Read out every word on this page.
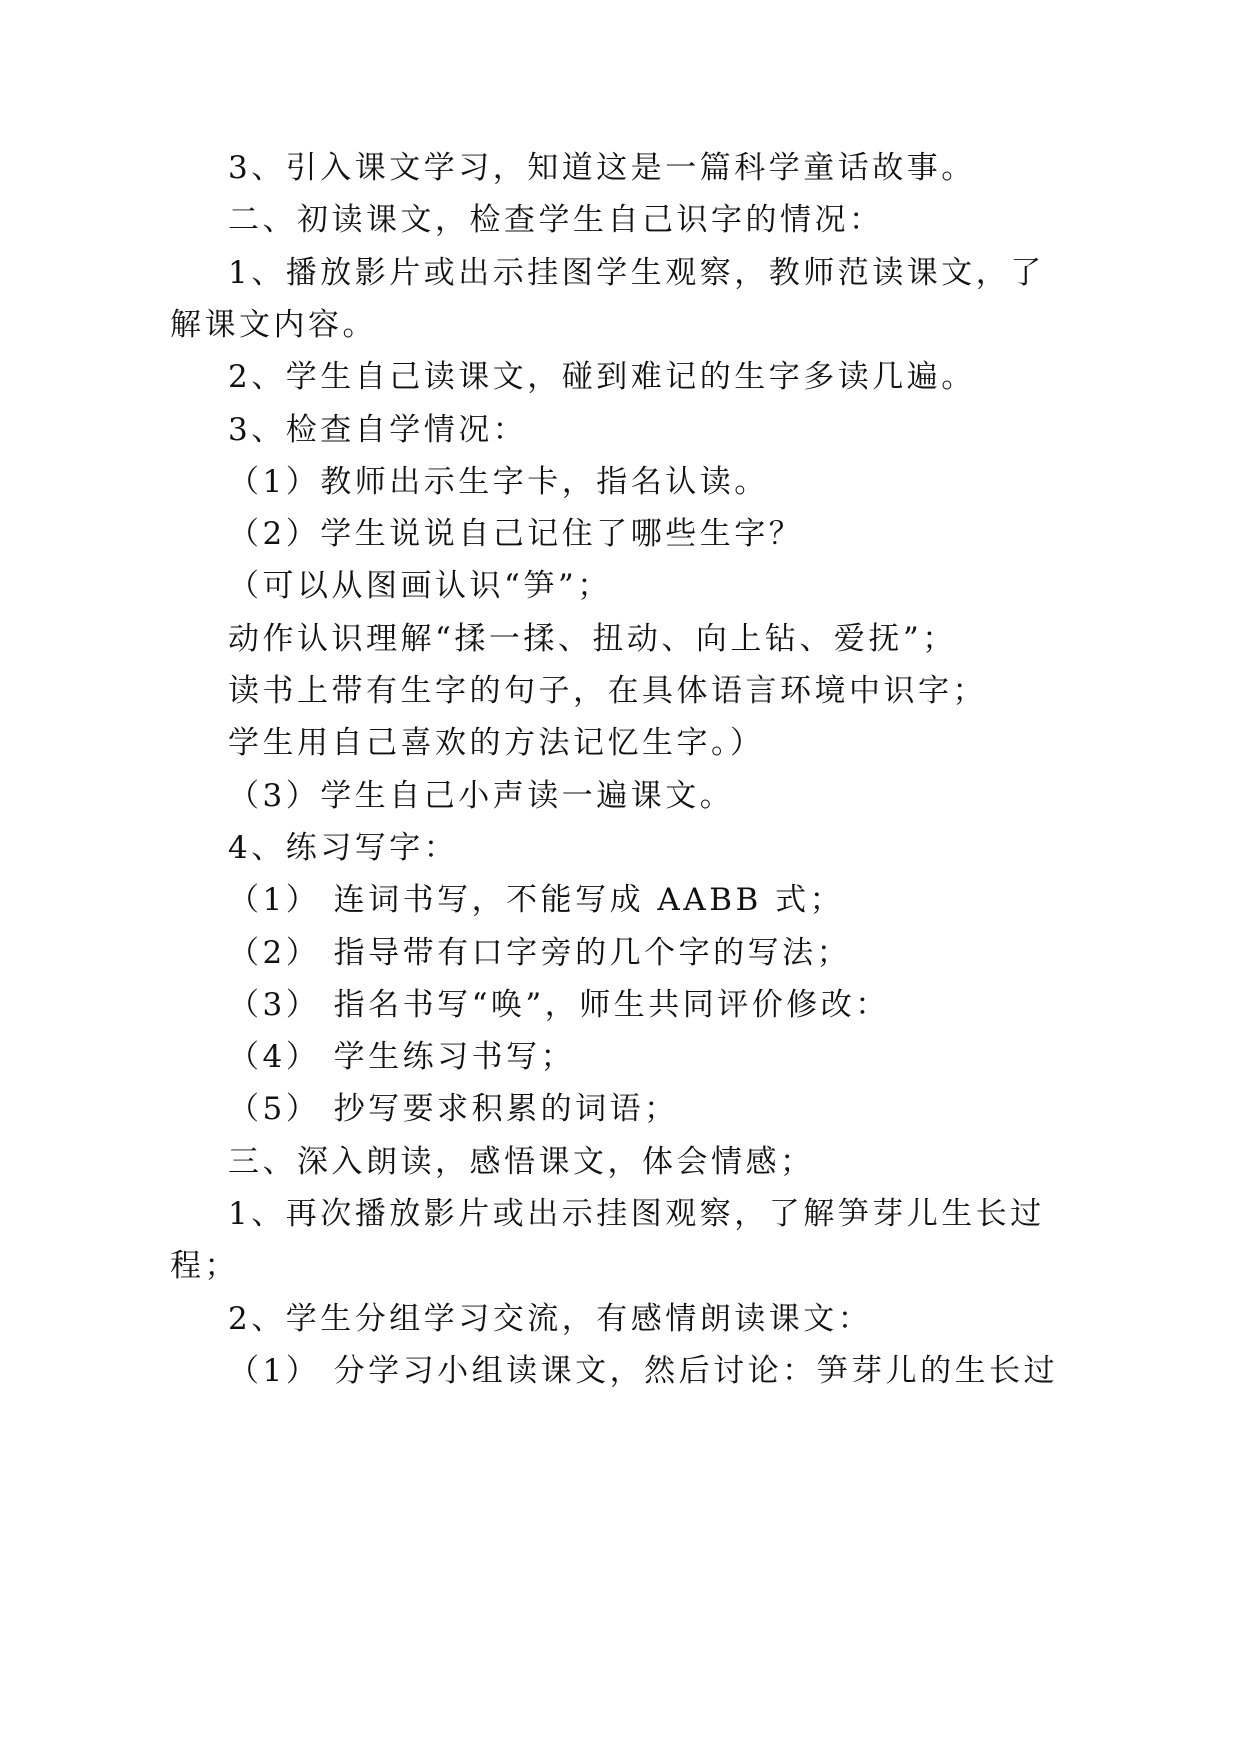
3、引入课文学习，知道这是一篇科学童话故事。
二、初读课文，检查学生自己识字的情况：
1、播放影片或出示挂图学生观察，教师范读课文，了
解课文内容。
2、学生自己读课文，碰到难记的生字多读几遍。
3、检查自学情况：
（1）教师出示生字卡，指名认读。
（2）学生说说自己记住了哪些生字？
（可以从图画认识“笋”；
动作认识理解“揉一揉、扭动、向上钻、爱抚”；
读书上带有生字的句子，在具体语言环境中识字；
学生用自己喜欢的方法记忆生字。）
（3）学生自己小声读一遍课文。
4、练习写字：
（1） 连词书写，不能写成 AABB 式；
（2） 指导带有口字旁的几个字的写法；
（3） 指名书写“唤”，师生共同评价修改：
（4） 学生练习书写；
（5） 抄写要求积累的词语；
三、深入朗读，感悟课文，体会情感；
1、再次播放影片或出示挂图观察，了解笋芽儿生长过
程；
2、学生分组学习交流，有感情朗读课文：
（1） 分学习小组读课文，然后讨论：笋芽儿的生长过
